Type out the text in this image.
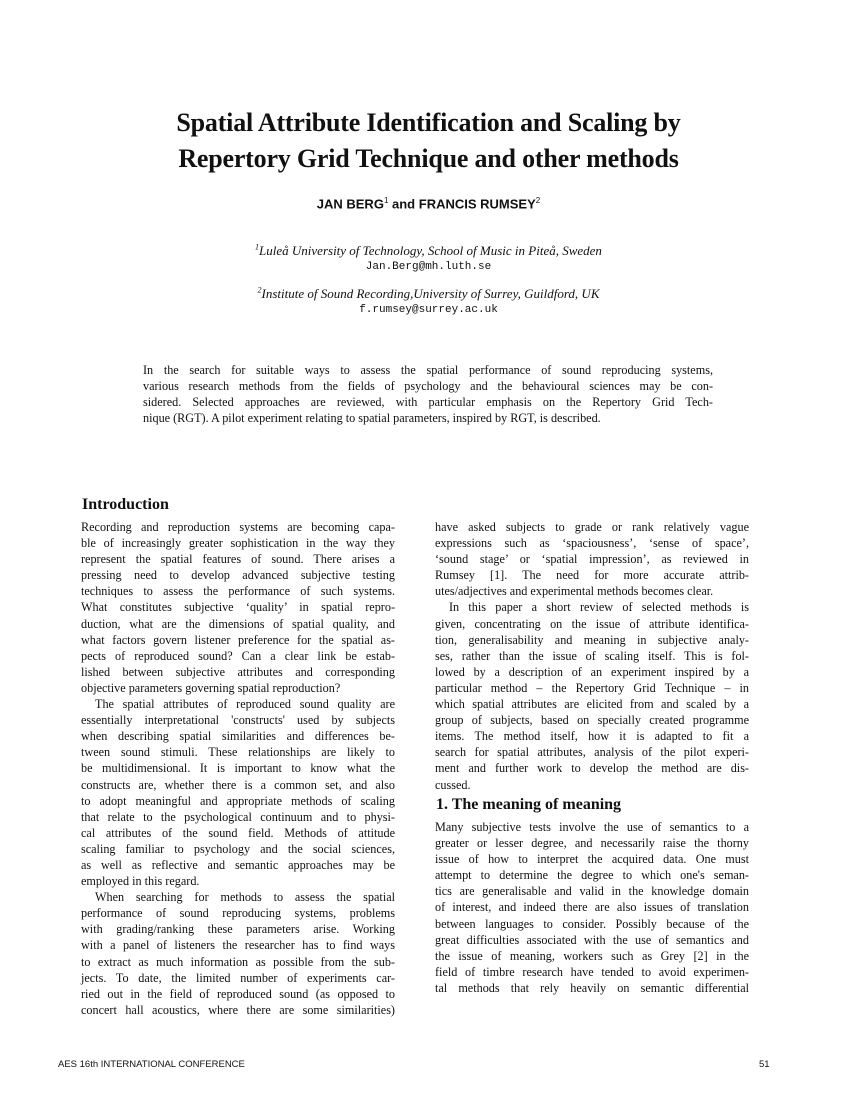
Spatial Attribute Identification and Scaling by
Repertory Grid Technique and other methods
JAN BERG$^1$ and FRANCIS RUMSEY$^2$
$^1$Luleå University of Technology, School of Music in Piteå, Sweden
Jan.Berg@mh.luth.se
$^2$Institute of Sound Recording,University of Surrey, Guildford, UK
f.rumsey@surrey.ac.uk
In the search for suitable ways to assess the spatial performance of sound reproducing systems,
various research methods from the fields of psychology and the behavioural sciences may be con-
sidered. Selected approaches are reviewed, with particular emphasis on the Repertory Grid Tech-
nique (RGT). A pilot experiment relating to spatial parameters, inspired by RGT, is described.
Introduction
Recording and reproduction systems are becoming capa-
ble of increasingly greater sophistication in the way they
represent the spatial features of sound. There arises a
pressing need to develop advanced subjective testing
techniques to assess the performance of such systems.
What constitutes subjective ‘quality’ in spatial repro-
duction, what are the dimensions of spatial quality, and
what factors govern listener preference for the spatial as-
pects of reproduced sound? Can a clear link be estab-
lished between subjective attributes and corresponding
objective parameters governing spatial reproduction?
The spatial attributes of reproduced sound quality are
essentially interpretational 'constructs' used by subjects
when describing spatial similarities and differences be-
tween sound stimuli. These relationships are likely to
be multidimensional. It is important to know what the
constructs are, whether there is a common set, and also
to adopt meaningful and appropriate methods of scaling
that relate to the psychological continuum and to physi-
cal attributes of the sound field. Methods of attitude
scaling familiar to psychology and the social sciences,
as well as reflective and semantic approaches may be
employed in this regard.
When searching for methods to assess the spatial
performance of sound reproducing systems, problems
with grading/ranking these parameters arise. Working
with a panel of listeners the researcher has to find ways
to extract as much information as possible from the sub-
jects. To date, the limited number of experiments car-
ried out in the field of reproduced sound (as opposed to
concert hall acoustics, where there are some similarities)
have asked subjects to grade or rank relatively vague
expressions such as ‘spaciousness’, ‘sense of space’,
‘sound stage’ or ‘spatial impression’, as reviewed in
Rumsey [1]. The need for more accurate attrib-
utes/adjectives and experimental methods becomes clear.
In this paper a short review of selected methods is
given, concentrating on the issue of attribute identifica-
tion, generalisability and meaning in subjective analy-
ses, rather than the issue of scaling itself. This is fol-
lowed by a description of an experiment inspired by a
particular method – the Repertory Grid Technique – in
which spatial attributes are elicited from and scaled by a
group of subjects, based on specially created programme
items. The method itself, how it is adapted to fit a
search for spatial attributes, analysis of the pilot experi-
ment and further work to develop the method are dis-
cussed.
1. The meaning of meaning
Many subjective tests involve the use of semantics to a
greater or lesser degree, and necessarily raise the thorny
issue of how to interpret the acquired data. One must
attempt to determine the degree to which one's seman-
tics are generalisable and valid in the knowledge domain
of interest, and indeed there are also issues of translation
between languages to consider. Possibly because of the
great difficulties associated with the use of semantics and
the issue of meaning, workers such as Grey [2] in the
field of timbre research have tended to avoid experimen-
tal methods that rely heavily on semantic differential
AES 16th INTERNATIONAL CONFERENCE	51
